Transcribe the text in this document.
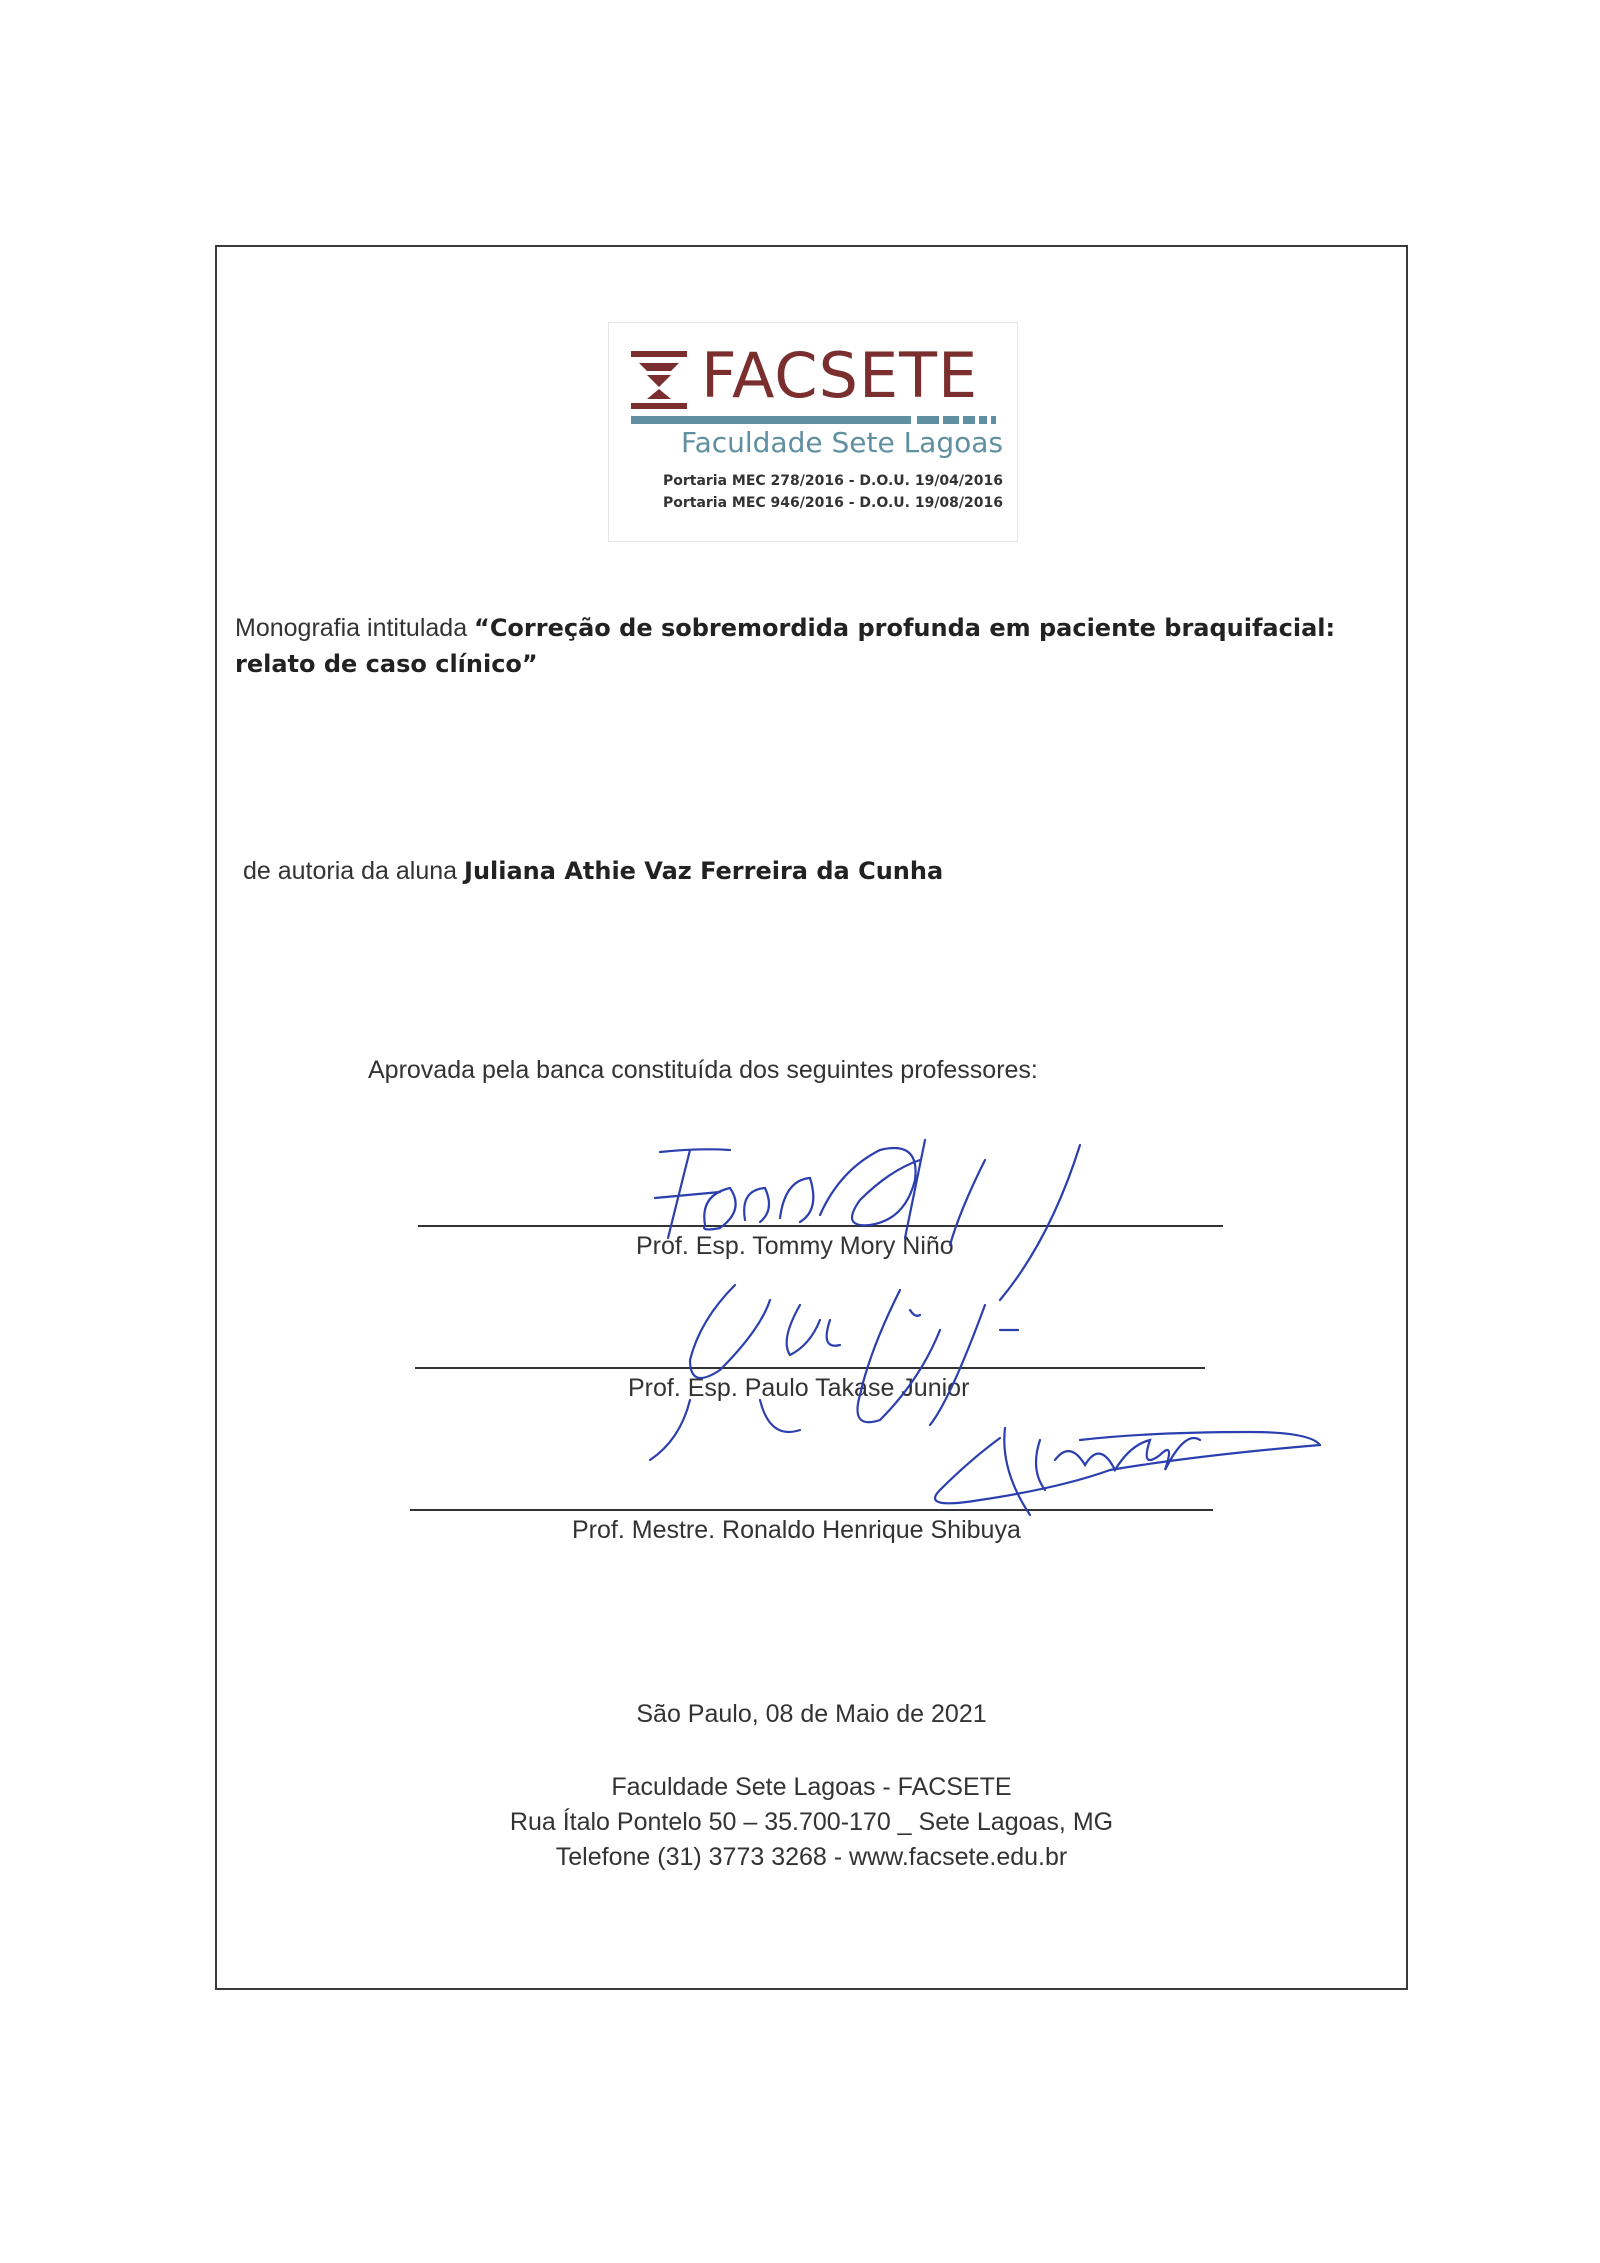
FACSETE
Faculdade Sete Lagoas
Portaria MEC 278/2016 - D.O.U. 19/04/2016
Portaria MEC 946/2016 - D.O.U. 19/08/2016
Monografia intitulada “Correção de sobremordida profunda em paciente braquifacial: relato de caso clínico”
de autoria da aluna Juliana Athie Vaz Ferreira da Cunha
Aprovada pela banca constituída dos seguintes professores:
Prof. Esp. Tommy Mory Niño
Prof. Esp. Paulo Takase Junior
Prof. Mestre. Ronaldo Henrique Shibuya
São Paulo, 08 de Maio de 2021
Faculdade Sete Lagoas - FACSETE
Rua Ítalo Pontelo 50 – 35.700-170 _ Sete Lagoas, MG
Telefone (31) 3773 3268 - www.facsete.edu.br
